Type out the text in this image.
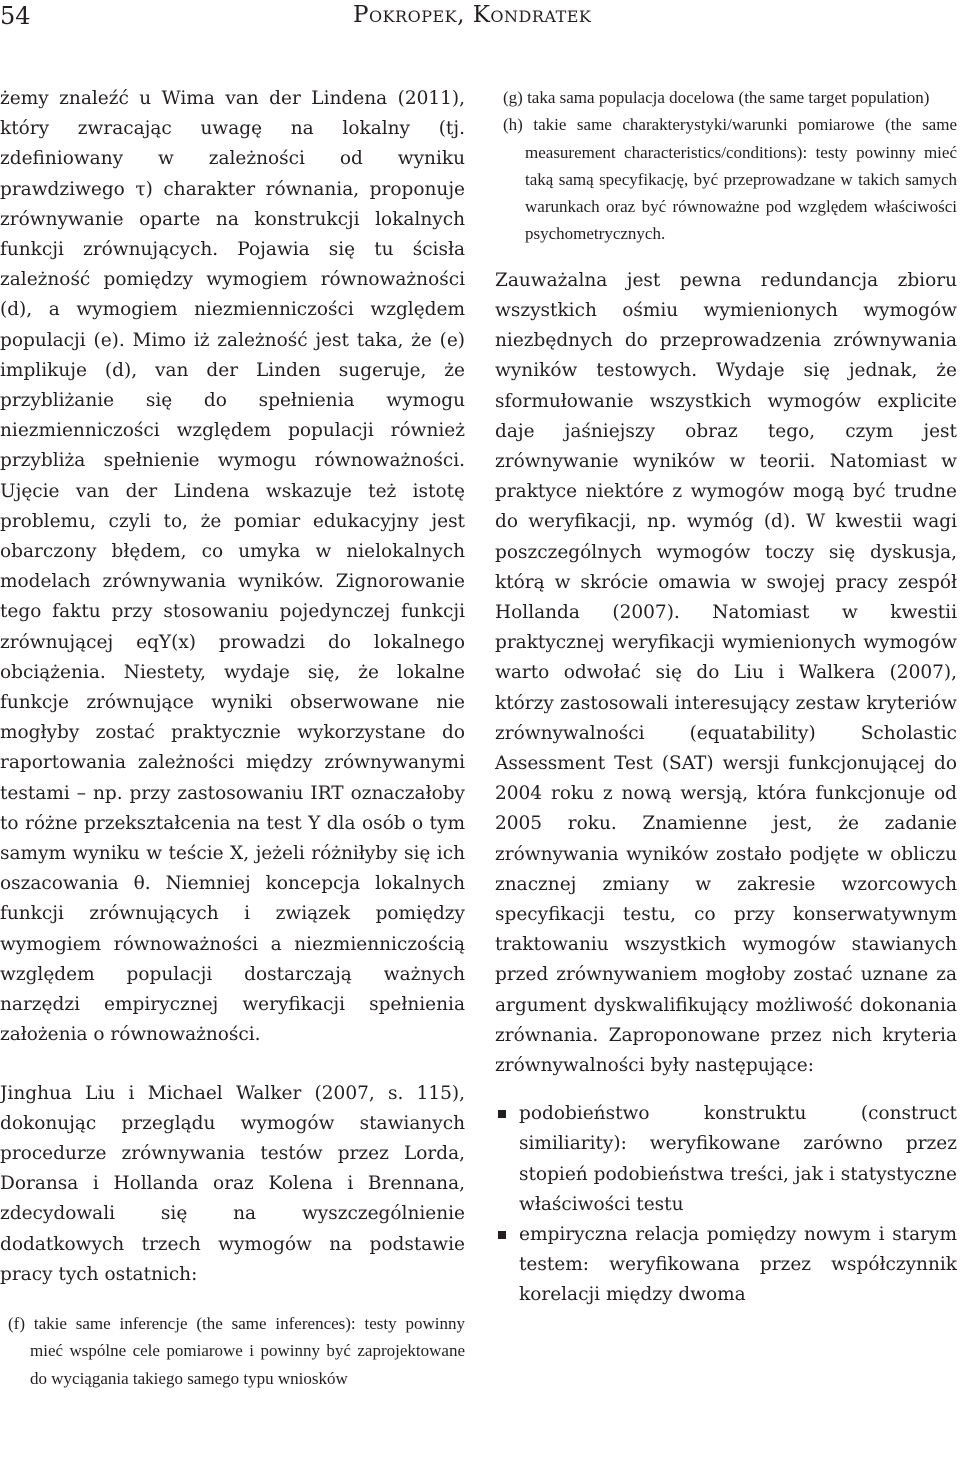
54	Pokropek, Kondratek

żemy znaleźć u Wima van der Lindena (2011), który zwracając uwagę na lokalny (tj. zdefiniowany w zależności od wyniku prawdziwego τ) charakter równania, proponuje zrównywanie oparte na konstrukcji lokalnych funkcji zrównujących. Pojawia się tu ścisła zależność pomiędzy wymogiem równoważności (d), a wymogiem niezmienniczości względem populacji (e). Mimo iż zależność jest taka, że (e) implikuje (d), van der Linden sugeruje, że przybliżanie się do spełnienia wymogu niezmienniczości względem populacji również przybliża spełnienie wymogu równoważności. Ujęcie van der Lindena wskazuje też istotę problemu, czyli to, że pomiar edukacyjny jest obarczony błędem, co umyka w nielokalnych modelach zrównywania wyników. Zignorowanie tego faktu przy stosowaniu pojedynczej funkcji zrównującej eqY(x) prowadzi do lokalnego obciążenia. Niestety, wydaje się, że lokalne funkcje zrównujące wyniki obserwowane nie mogłyby zostać praktycznie wykorzystane do raportowania zależności między zrównywanymi testami – np. przy zastosowaniu IRT oznaczałoby to różne przekształcenia na test Y dla osób o tym samym wyniku w teście X, jeżeli różniłyby się ich oszacowania θ. Niemniej koncepcja lokalnych funkcji zrównujących i związek pomiędzy wymogiem równoważności a niezmienniczością względem populacji dostarczają ważnych narzędzi empirycznej weryfikacji spełnienia założenia o równoważności.

Jinghua Liu i Michael Walker (2007, s. 115), dokonując przeglądu wymogów stawianych procedurze zrównywania testów przez Lorda, Doransa i Hollanda oraz Kolena i Brennana, zdecydowali się na wyszczególnienie dodatkowych trzech wymogów na podstawie pracy tych ostatnich:

(f) takie same inferencje (the same inferences): testy powinny mieć wspólne cele pomiarowe i powinny być zaprojektowane do wyciągania takiego samego typu wniosków
(g) taka sama populacja docelowa (the same target population)
(h) takie same charakterystyki/warunki pomiarowe (the same measurement characteristics/conditions): testy powinny mieć taką samą specyfikację, być przeprowadzane w takich samych warunkach oraz być równoważne pod względem właściwości psychometrycznych.

Zauważalna jest pewna redundancja zbioru wszystkich ośmiu wymienionych wymogów niezbędnych do przeprowadzenia zrównywania wyników testowych. Wydaje się jednak, że sformułowanie wszystkich wymogów explicite daje jaśniejszy obraz tego, czym jest zrównywanie wyników w teorii. Natomiast w praktyce niektóre z wymogów mogą być trudne do weryfikacji, np. wymóg (d). W kwestii wagi poszczególnych wymogów toczy się dyskusja, którą w skrócie omawia w swojej pracy zespół Hollanda (2007). Natomiast w kwestii praktycznej weryfikacji wymienionych wymogów warto odwołać się do Liu i Walkera (2007), którzy zastosowali interesujący zestaw kryteriów zrównywalności (equatability) Scholastic Assessment Test (SAT) wersji funkcjonującej do 2004 roku z nową wersją, która funkcjonuje od 2005 roku. Znamienne jest, że zadanie zrównywania wyników zostało podjęte w obliczu znacznej zmiany w zakresie wzorcowych specyfikacji testu, co przy konserwatywnym traktowaniu wszystkich wymogów stawianych przed zrównywaniem mogłoby zostać uznane za argument dyskwalifikujący możliwość dokonania zrównania. Zaproponowane przez nich kryteria zrównywalności były następujące:

podobieństwo konstruktu (construct similiarity): weryfikowane zarówno przez stopień podobieństwa treści, jak i statystyczne właściwości testu
empiryczna relacja pomiędzy nowym i starym testem: weryfikowana przez współczynnik korelacji między dwoma
